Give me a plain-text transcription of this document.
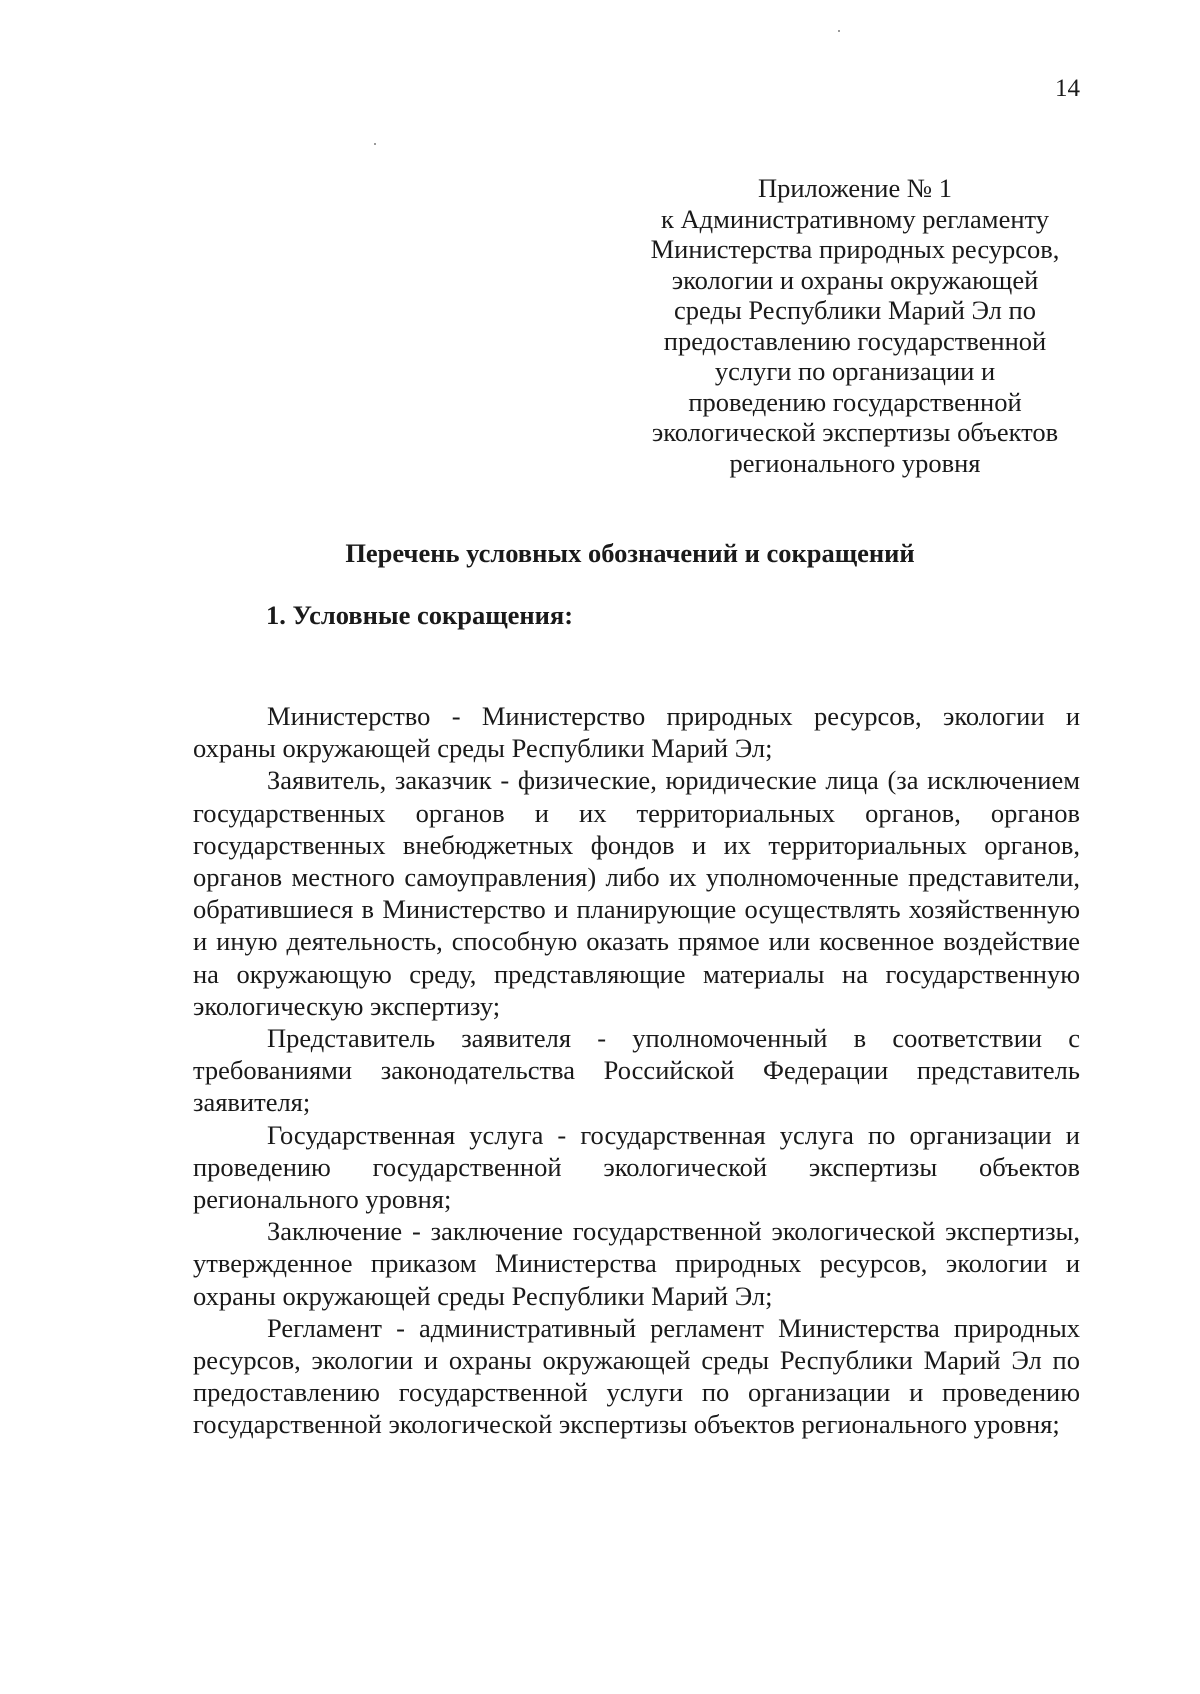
14
Приложение № 1
к Административному регламенту
Министерства природных ресурсов,
экологии и охраны окружающей
среды Республики Марий Эл по
предоставлению государственной
услуги по организации и
проведению государственной
экологической экспертизы объектов
регионального уровня
Перечень условных обозначений и сокращений
1. Условные сокращения:

Министерство - Министерство природных ресурсов, экологии и охраны окружающей среды Республики Марий Эл;

Заявитель, заказчик - физические, юридические лица (за исключением государственных органов и их территориальных органов, органов государственных внебюджетных фондов и их территориальных органов, органов местного самоуправления) либо их уполномоченные представители, обратившиеся в Министерство и планирующие осуществлять хозяйственную и иную деятельность, способную оказать прямое или косвенное воздействие на окружающую среду, представляющие материалы на государственную экологическую экспертизу;

Представитель заявителя - уполномоченный в соответствии с требованиями законодательства Российской Федерации представитель заявителя;

Государственная услуга - государственная услуга по организации и проведению государственной экологической экспертизы объектов регионального уровня;

Заключение - заключение государственной экологической экспертизы, утвержденное приказом Министерства природных ресурсов, экологии и охраны окружающей среды Республики Марий Эл;

Регламент - административный регламент Министерства природных ресурсов, экологии и охраны окружающей среды Республики Марий Эл по предоставлению государственной услуги по организации и проведению государственной экологической экспертизы объектов регионального уровня;
